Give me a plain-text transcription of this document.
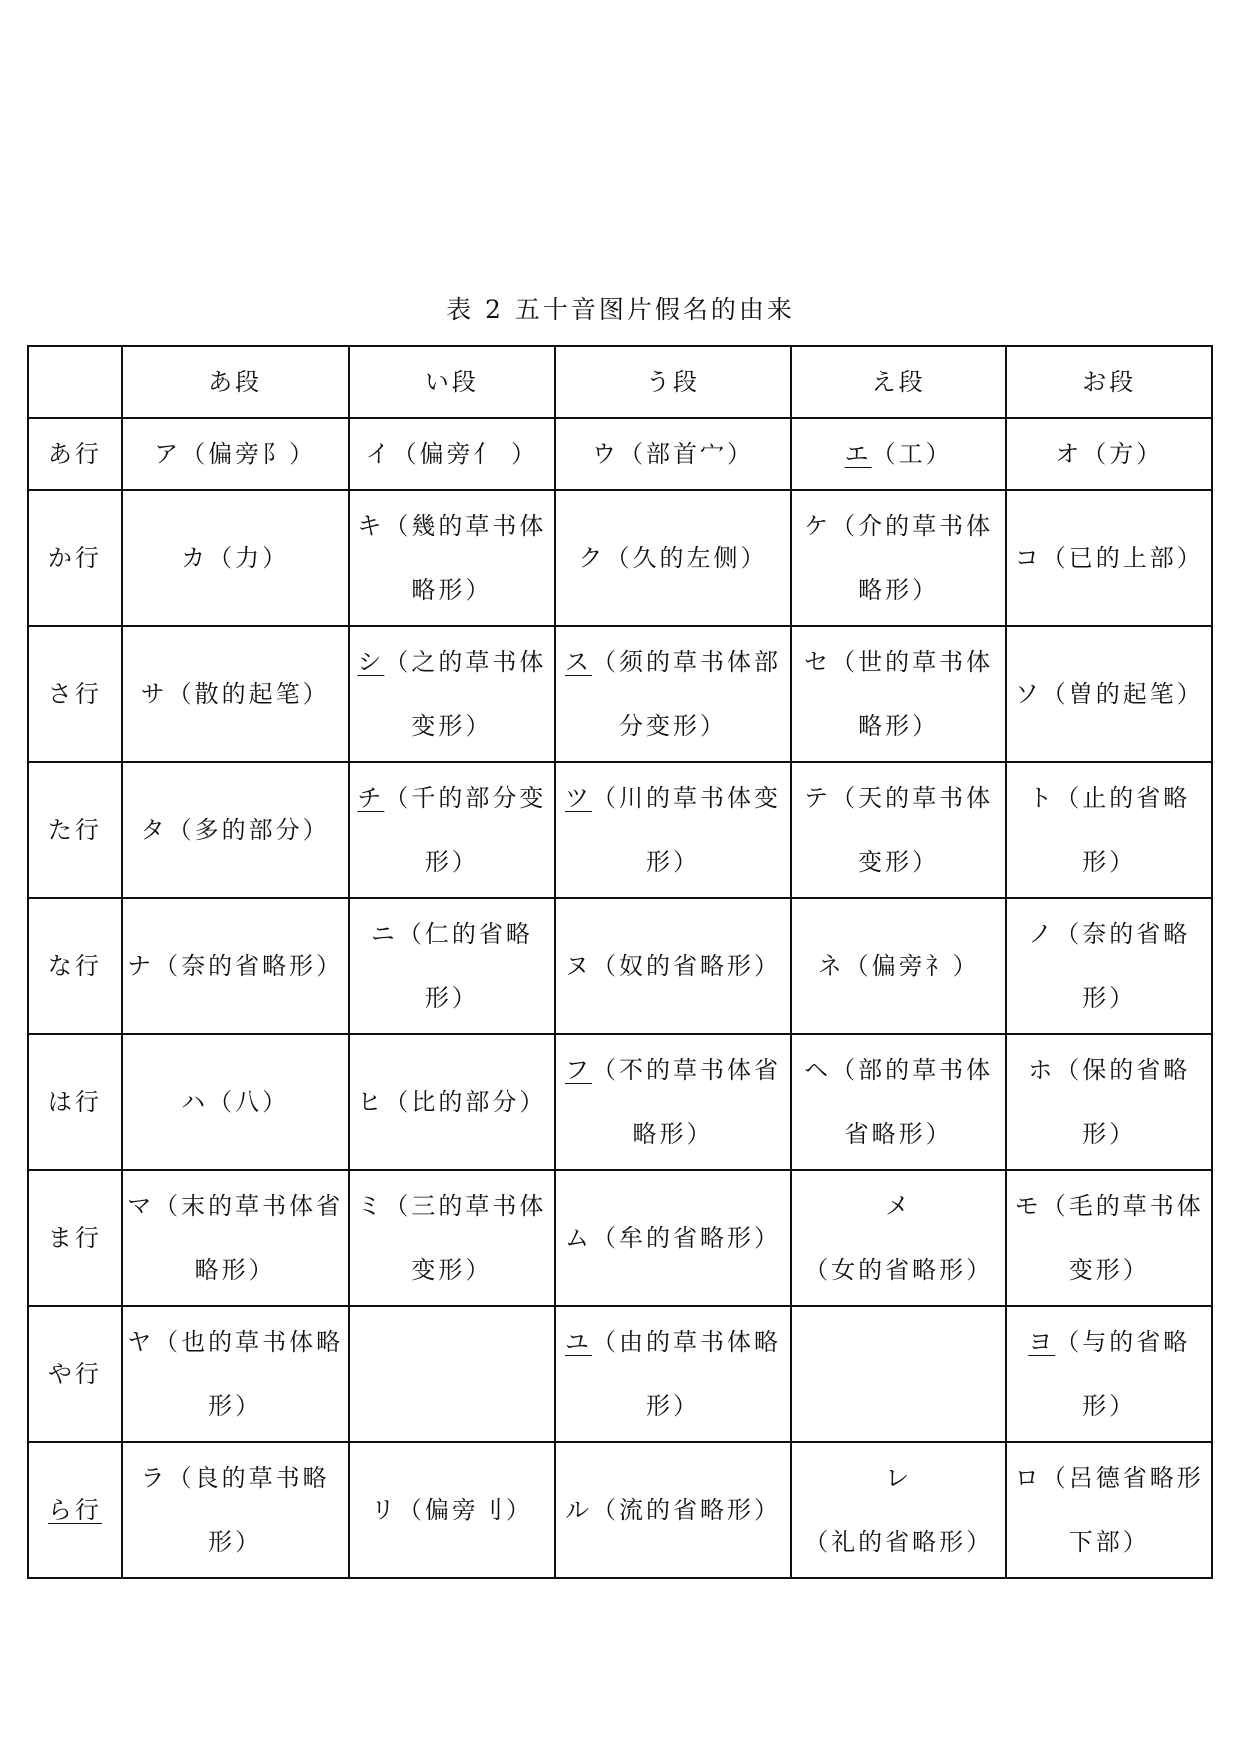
表 2 五十音图片假名的由来
	あ段	い段	う段	え段	お段
あ行	ア（偏旁阝）	イ（偏旁亻 ）	ウ（部首宀）	エ（工）	オ（方）
か行	カ（力）	キ（幾的草书体略形）	ク（久的左侧）	ケ（介的草书体略形）	コ（已的上部）
さ行	サ（散的起笔）	シ（之的草书体变形）	ス（须的草书体部分变形）	セ（世的草书体略形）	ソ（曽的起笔）
た行	タ（多的部分）	チ（千的部分变形）	ツ（川的草书体变形）	テ（天的草书体变形）	ト（止的省略形）
な行	ナ（奈的省略形）	ニ（仁的省略形）	ヌ（奴的省略形）	ネ（偏旁礻）	ノ（奈的省略形）
は行	ハ（八）	ヒ（比的部分）	フ（不的草书体省略形）	ヘ（部的草书体省略形）	ホ（保的省略形）
ま行	マ（末的草书体省略形）	ミ（三的草书体变形）	ム（牟的省略形）	メ（女的省略形）	モ（毛的草书体变形）
や行	ヤ（也的草书体略形）		ユ（由的草书体略形）		ヨ（与的省略形）
ら行	ラ（良的草书略形）	リ（偏旁刂）	ル（流的省略形）	レ（礼的省略形）	ロ（呂德省略形 下部）
